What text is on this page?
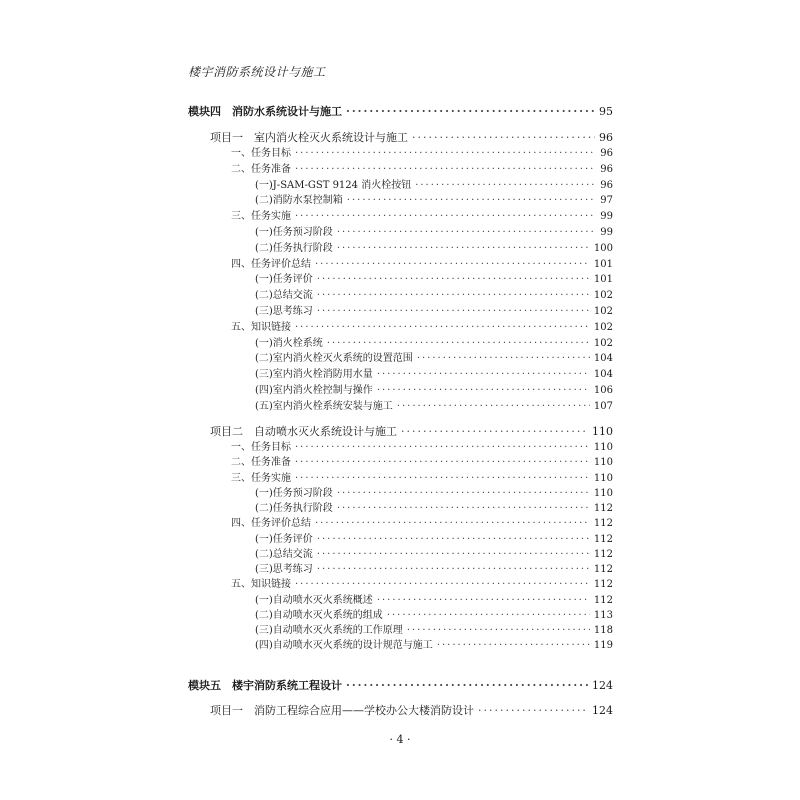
楼宇消防系统设计与施工
模块四　消防水系统设计与施工 ·····	95
项目一　室内消火栓灭火系统设计与施工 ·····	96
一、任务目标 ·····	96
二、任务准备 ·····	96
(一)J-SAM-GST 9124 消火栓按钮 ·····	96
(二)消防水泵控制箱 ·····	97
三、任务实施 ·····	99
(一)任务预习阶段 ·····	99
(二)任务执行阶段 ·····	100
四、任务评价总结 ·····	101
(一)任务评价 ·····	101
(二)总结交流 ·····	102
(三)思考练习 ·····	102
五、知识链接 ·····	102
(一)消火栓系统 ·····	102
(二)室内消火栓灭火系统的设置范围 ·····	104
(三)室内消火栓消防用水量 ·····	104
(四)室内消火栓控制与操作 ·····	106
(五)室内消火栓系统安装与施工 ·····	107
项目二　自动喷水灭火系统设计与施工 ·····	110
一、任务目标 ·····	110
二、任务准备 ·····	110
三、任务实施 ·····	110
(一)任务预习阶段 ·····	110
(二)任务执行阶段 ·····	112
四、任务评价总结 ·····	112
(一)任务评价 ·····	112
(二)总结交流 ·····	112
(三)思考练习 ·····	112
五、知识链接 ·····	112
(一)自动喷水灭火系统概述 ·····	112
(二)自动喷水灭火系统的组成 ·····	113
(三)自动喷水灭火系统的工作原理 ·····	118
(四)自动喷水灭火系统的设计规范与施工 ·····	119
模块五　楼宇消防系统工程设计 ·····	124
项目一　消防工程综合应用——学校办公大楼消防设计 ·····	124
· 4 ·
